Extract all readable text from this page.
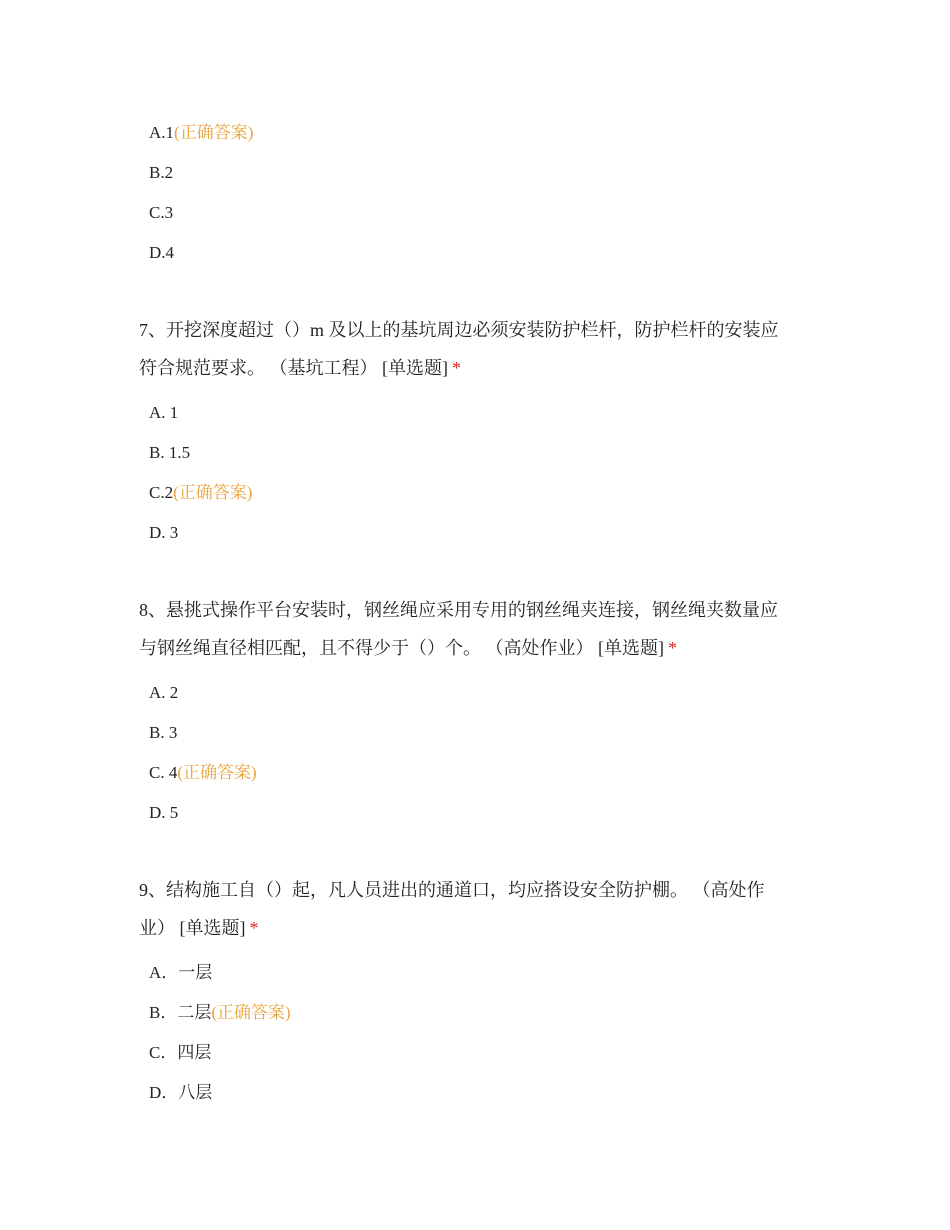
A.1(正确答案)
B.2
C.3
D.4
7、开挖深度超过（）m 及以上的基坑周边必须安装防护栏杆，防护栏杆的安装应
符合规范要求。 （基坑工程） [单选题] *
A. 1
B. 1.5
C.2(正确答案)
D. 3
8、悬挑式操作平台安装时，钢丝绳应采用专用的钢丝绳夹连接，钢丝绳夹数量应
与钢丝绳直径相匹配，且不得少于（）个。 （高处作业） [单选题] *
A. 2
B. 3
C. 4(正确答案)
D. 5
9、结构施工自（）起，凡人员进出的通道口，均应搭设安全防护棚。 （高处作
业） [单选题] *
A．一层
B．二层(正确答案)
C．四层
D．八层
